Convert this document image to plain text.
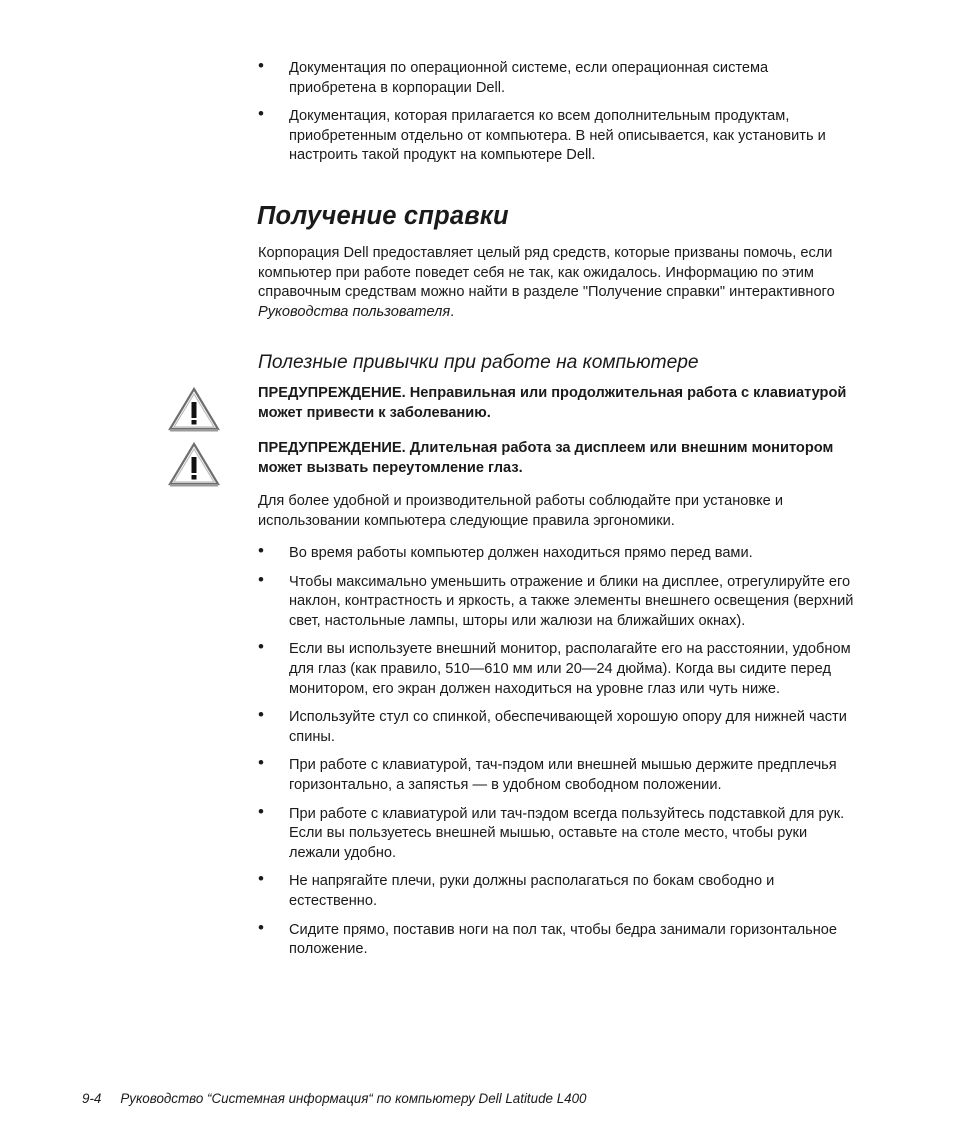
• Документация по операционной системе, если операционная система приобретена в корпорации Dell.
• Документация, которая прилагается ко всем дополнительным продуктам, приобретенным отдельно от компьютера. В ней описывается, как установить и настроить такой продукт на компьютере Dell.
Получение справки

Корпорация Dell предоставляет целый ряд средств, которые призваны помочь, если компьютер при работе поведет себя не так, как ожидалось. Информацию по этим справочным средствам можно найти в разделе "Получение справки" интерактивного Руководства пользователя.

Полезные привычки при работе на компьютере

ПРЕДУПРЕЖДЕНИЕ. Неправильная или продолжительная работа с клавиатурой может привести к заболеванию.

ПРЕДУПРЕЖДЕНИЕ. Длительная работа за дисплеем или внешним монитором может вызвать переутомление глаз.

Для более удобной и производительной работы соблюдайте при установке и использовании компьютера следующие правила эргономики.

• Во время работы компьютер должен находиться прямо перед вами.
• Чтобы максимально уменьшить отражение и блики на дисплее, отрегулируйте его наклон, контрастность и яркость, а также элементы внешнего освещения (верхний свет, настольные лампы, шторы или жалюзи на ближайших окнах).
• Если вы используете внешний монитор, располагайте его на расстоянии, удобном для глаз (как правило, 510—610 мм или 20—24 дюйма). Когда вы сидите перед монитором, его экран должен находиться на уровне глаз или чуть ниже.
• Используйте стул со спинкой, обеспечивающей хорошую опору для нижней части спины.
• При работе с клавиатурой, тач-пэдом или внешней мышью держите предплечья горизонтально, а запястья — в удобном свободном положении.
• При работе с клавиатурой или тач-пэдом всегда пользуйтесь подставкой для рук. Если вы пользуетесь внешней мышью, оставьте на столе место, чтобы руки лежали удобно.
• Не напрягайте плечи, руки должны располагаться по бокам свободно и естественно.
• Сидите прямо, поставив ноги на пол так, чтобы бедра занимали горизонтальное положение.
9-4 Руководство “Системная информация“ по компьютеру Dell Latitude L400
